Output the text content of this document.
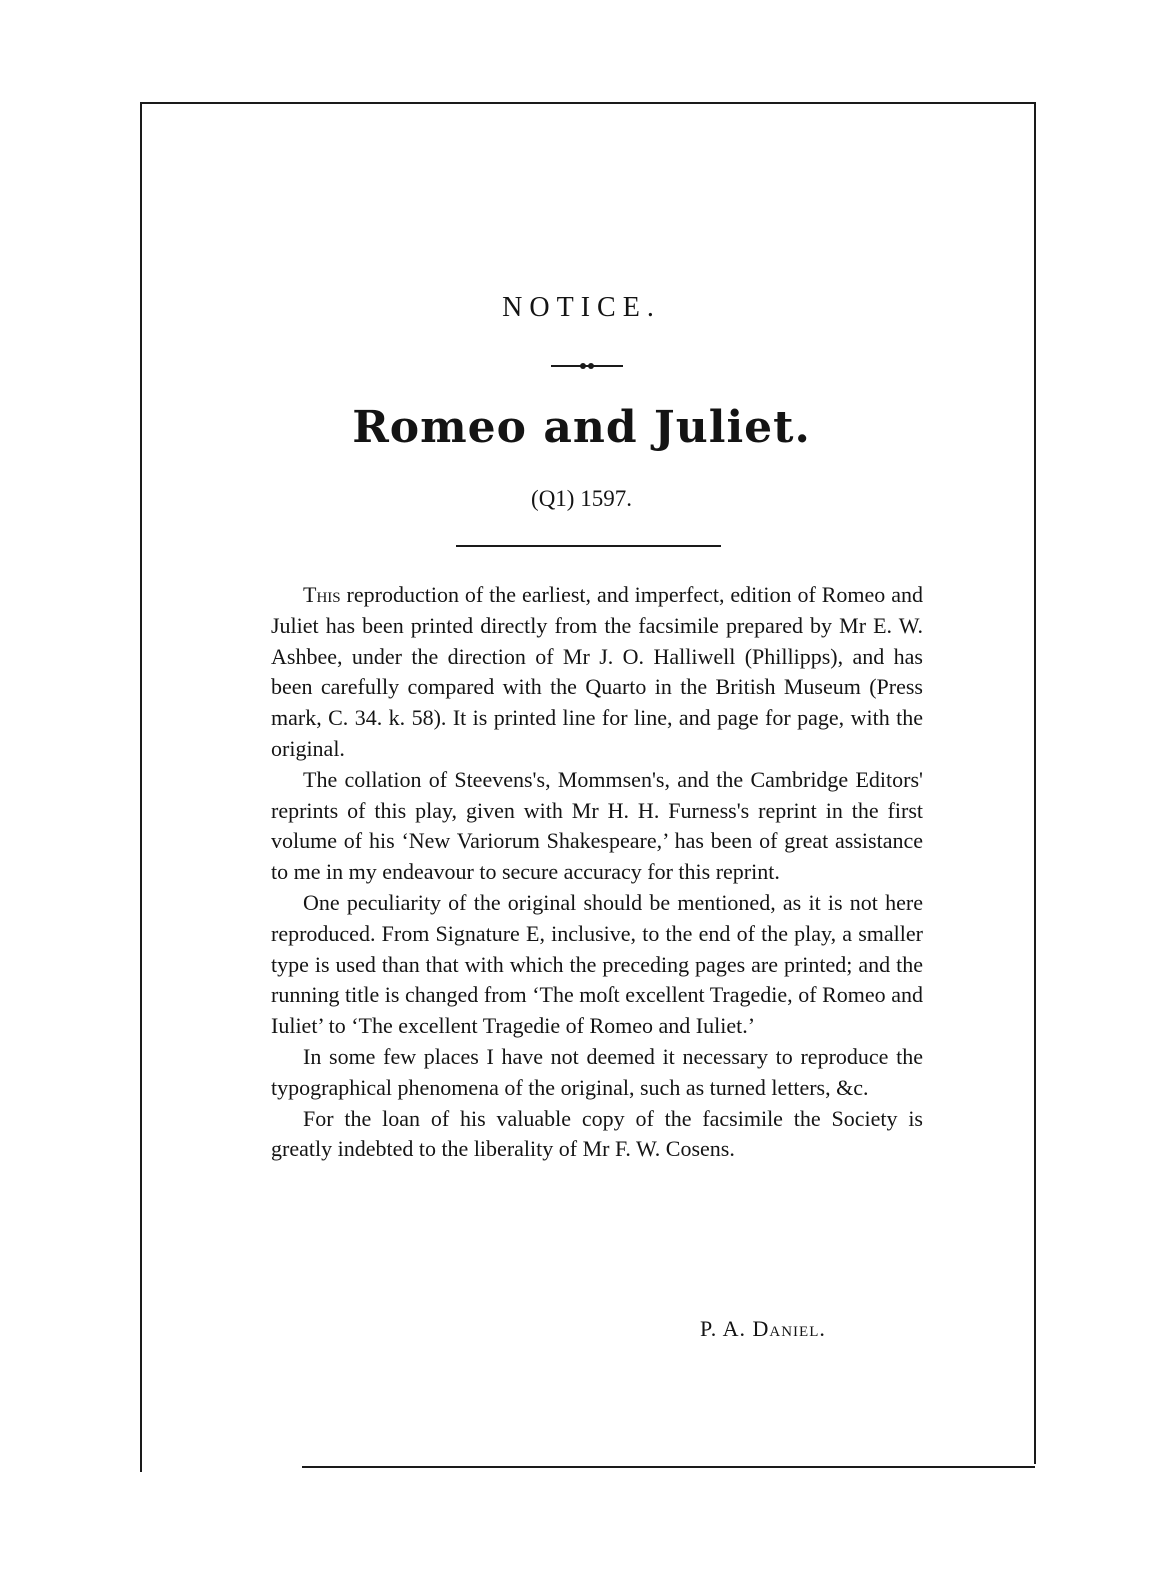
NOTICE.
Romeo and Juliet.
(Q1) 1597.

This reproduction of the earliest, and imperfect, edition of Romeo and Juliet has been printed directly from the facsimile prepared by Mr E. W. Ashbee, under the direction of Mr J. O. Halliwell (Phillipps), and has been carefully compared with the Quarto in the British Museum (Press mark, C. 34. k. 58). It is printed line for line, and page for page, with the original.

The collation of Steevens's, Mommsen's, and the Cambridge Editors' reprints of this play, given with Mr H. H. Furness's reprint in the first volume of his ‘New Variorum Shakespeare,’ has been of great assistance to me in my endeavour to secure accuracy for this reprint.

One peculiarity of the original should be mentioned, as it is not here reproduced. From Signature E, inclusive, to the end of the play, a smaller type is used than that with which the preceding pages are printed; and the running title is changed from ‘The moſt excellent Tragedie, of Romeo and Iuliet’ to ‘The excellent Tragedie of Romeo and Iuliet.’

In some few places I have not deemed it necessary to reproduce the typographical phenomena of the original, such as turned letters, &c.

For the loan of his valuable copy of the facsimile the Society is greatly indebted to the liberality of Mr F. W. Cosens.

P. A. Daniel.
